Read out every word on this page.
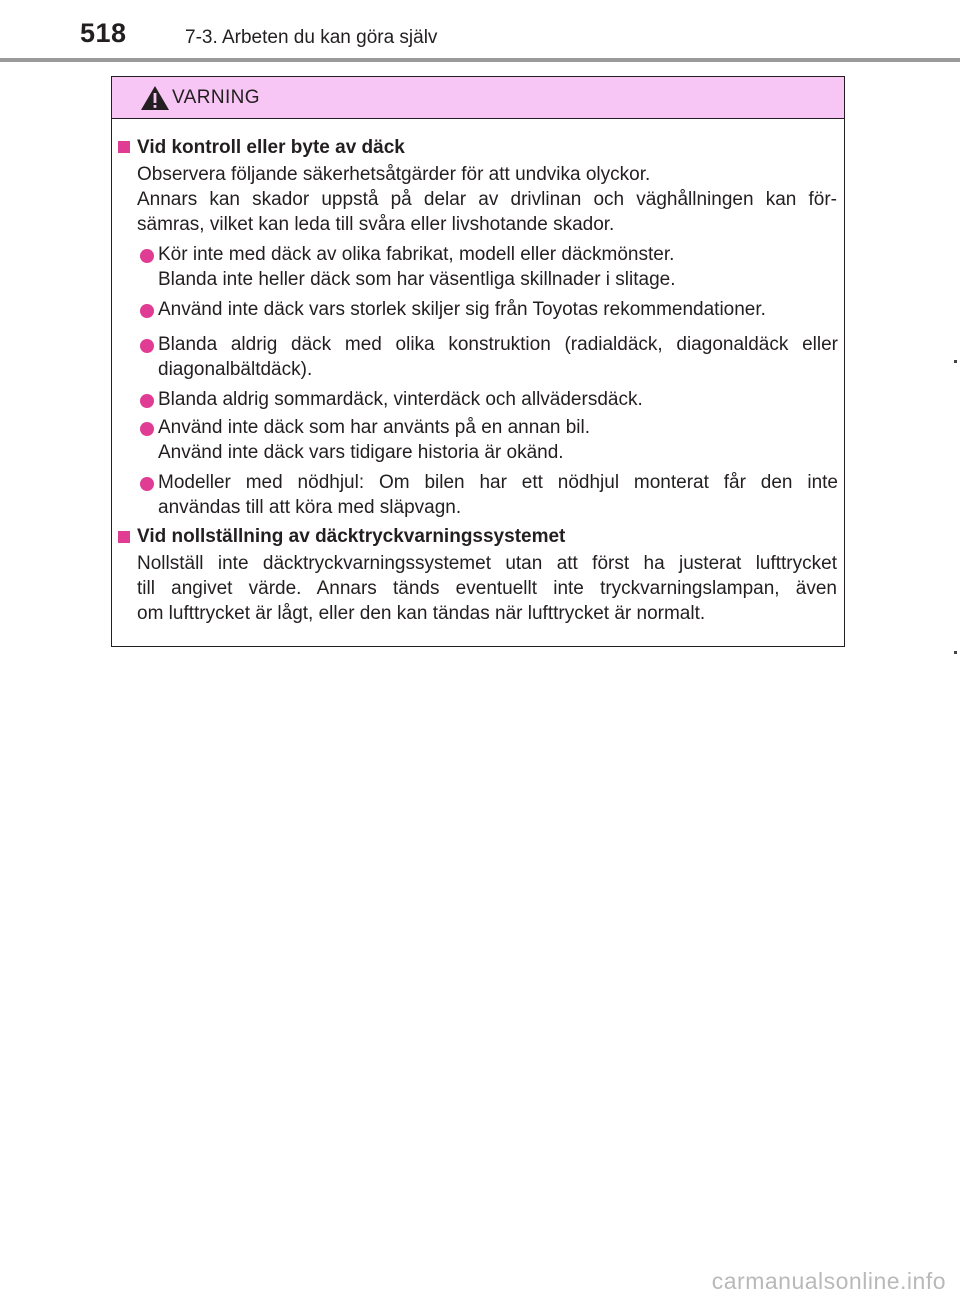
518	7-3. Arbeten du kan göra själv
VARNING
Vid kontroll eller byte av däck
Observera följande säkerhetsåtgärder för att undvika olyckor.
Annars kan skador uppstå på delar av drivlinan och väghållningen kan för-
sämras, vilket kan leda till svåra eller livshotande skador.
Kör inte med däck av olika fabrikat, modell eller däckmönster.
Blanda inte heller däck som har väsentliga skillnader i slitage.
Använd inte däck vars storlek skiljer sig från Toyotas rekommendationer.
Blanda aldrig däck med olika konstruktion (radialdäck, diagonaldäck eller
diagonalbältdäck).
Blanda aldrig sommardäck, vinterdäck och allvädersdäck.
Använd inte däck som har använts på en annan bil.
Använd inte däck vars tidigare historia är okänd.
Modeller med nödhjul: Om bilen har ett nödhjul monterat får den inte
användas till att köra med släpvagn.
Vid nollställning av däcktryckvarningssystemet
Nollställ inte däcktryckvarningssystemet utan att först ha justerat lufttrycket
till angivet värde. Annars tänds eventuellt inte tryckvarningslampan, även
om lufttrycket är lågt, eller den kan tändas när lufttrycket är normalt.
carmanualsonline.info
